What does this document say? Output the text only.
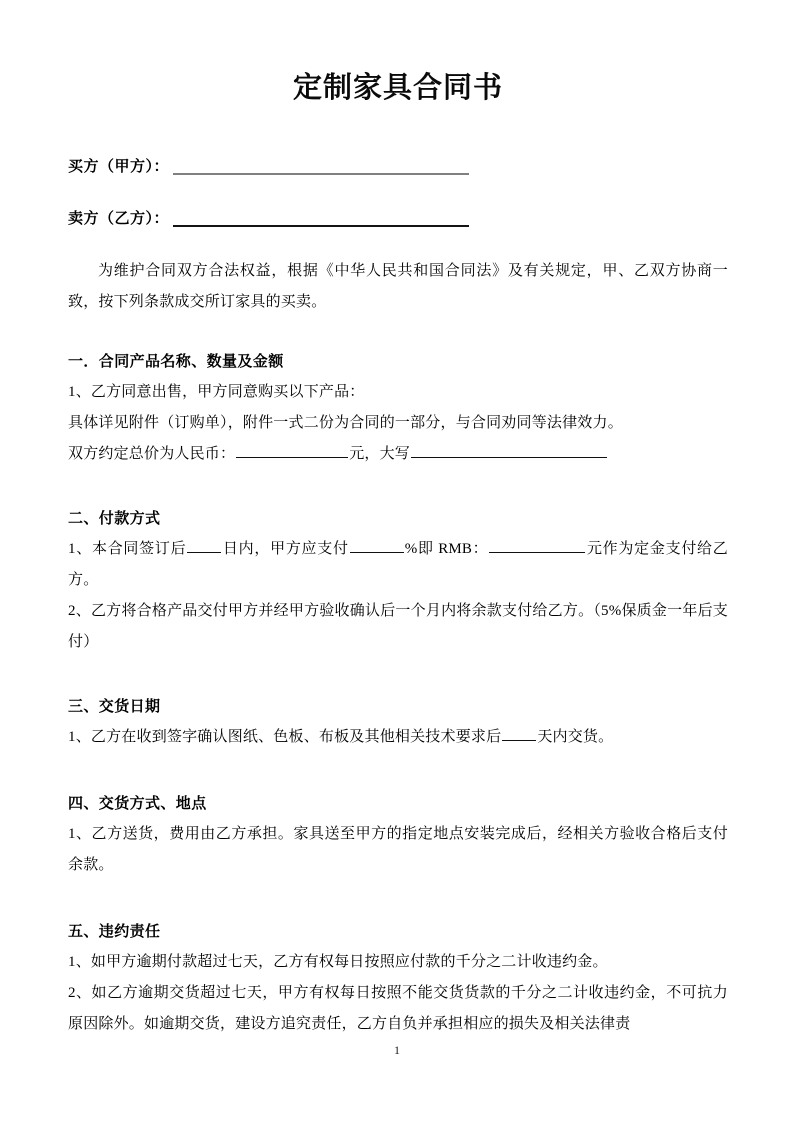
定制家具合同书
买方（甲方）：
卖方（乙方）：

为维护合同双方合法权益，根据《中华人民共和国合同法》及有关规定，甲、乙双方协商一致，按下列条款成交所订家具的买卖。

一．合同产品名称、数量及金额

1、乙方同意出售，甲方同意购买以下产品：

具体详见附件（订购单），附件一式二份为合同的一部分，与合同劝同等法律效力。

双方约定总价为人民币：	元，大写

二、付款方式

1、本合同签订后 日内，甲方应支付	%即 RMB：	元作为定金支付给乙方。

2、乙方将合格产品交付甲方并经甲方验收确认后一个月内将余款支付给乙方。（5%保质金一年后支付）

三、交货日期

1、乙方在收到签字确认图纸、色板、布板及其他相关技术要求后 天内交货。

四、交货方式、地点

1、乙方送货，费用由乙方承担。家具送至甲方的指定地点安装完成后，经相关方验收合格后支付余款。

五、违约责任

1、如甲方逾期付款超过七天，乙方有权每日按照应付款的千分之二计收违约金。

2、如乙方逾期交货超过七天，甲方有权每日按照不能交货货款的千分之二计收违约金，不可抗力原因除外。如逾期交货，建设方追究责任，乙方自负并承担相应的损失及相关法律责

1
